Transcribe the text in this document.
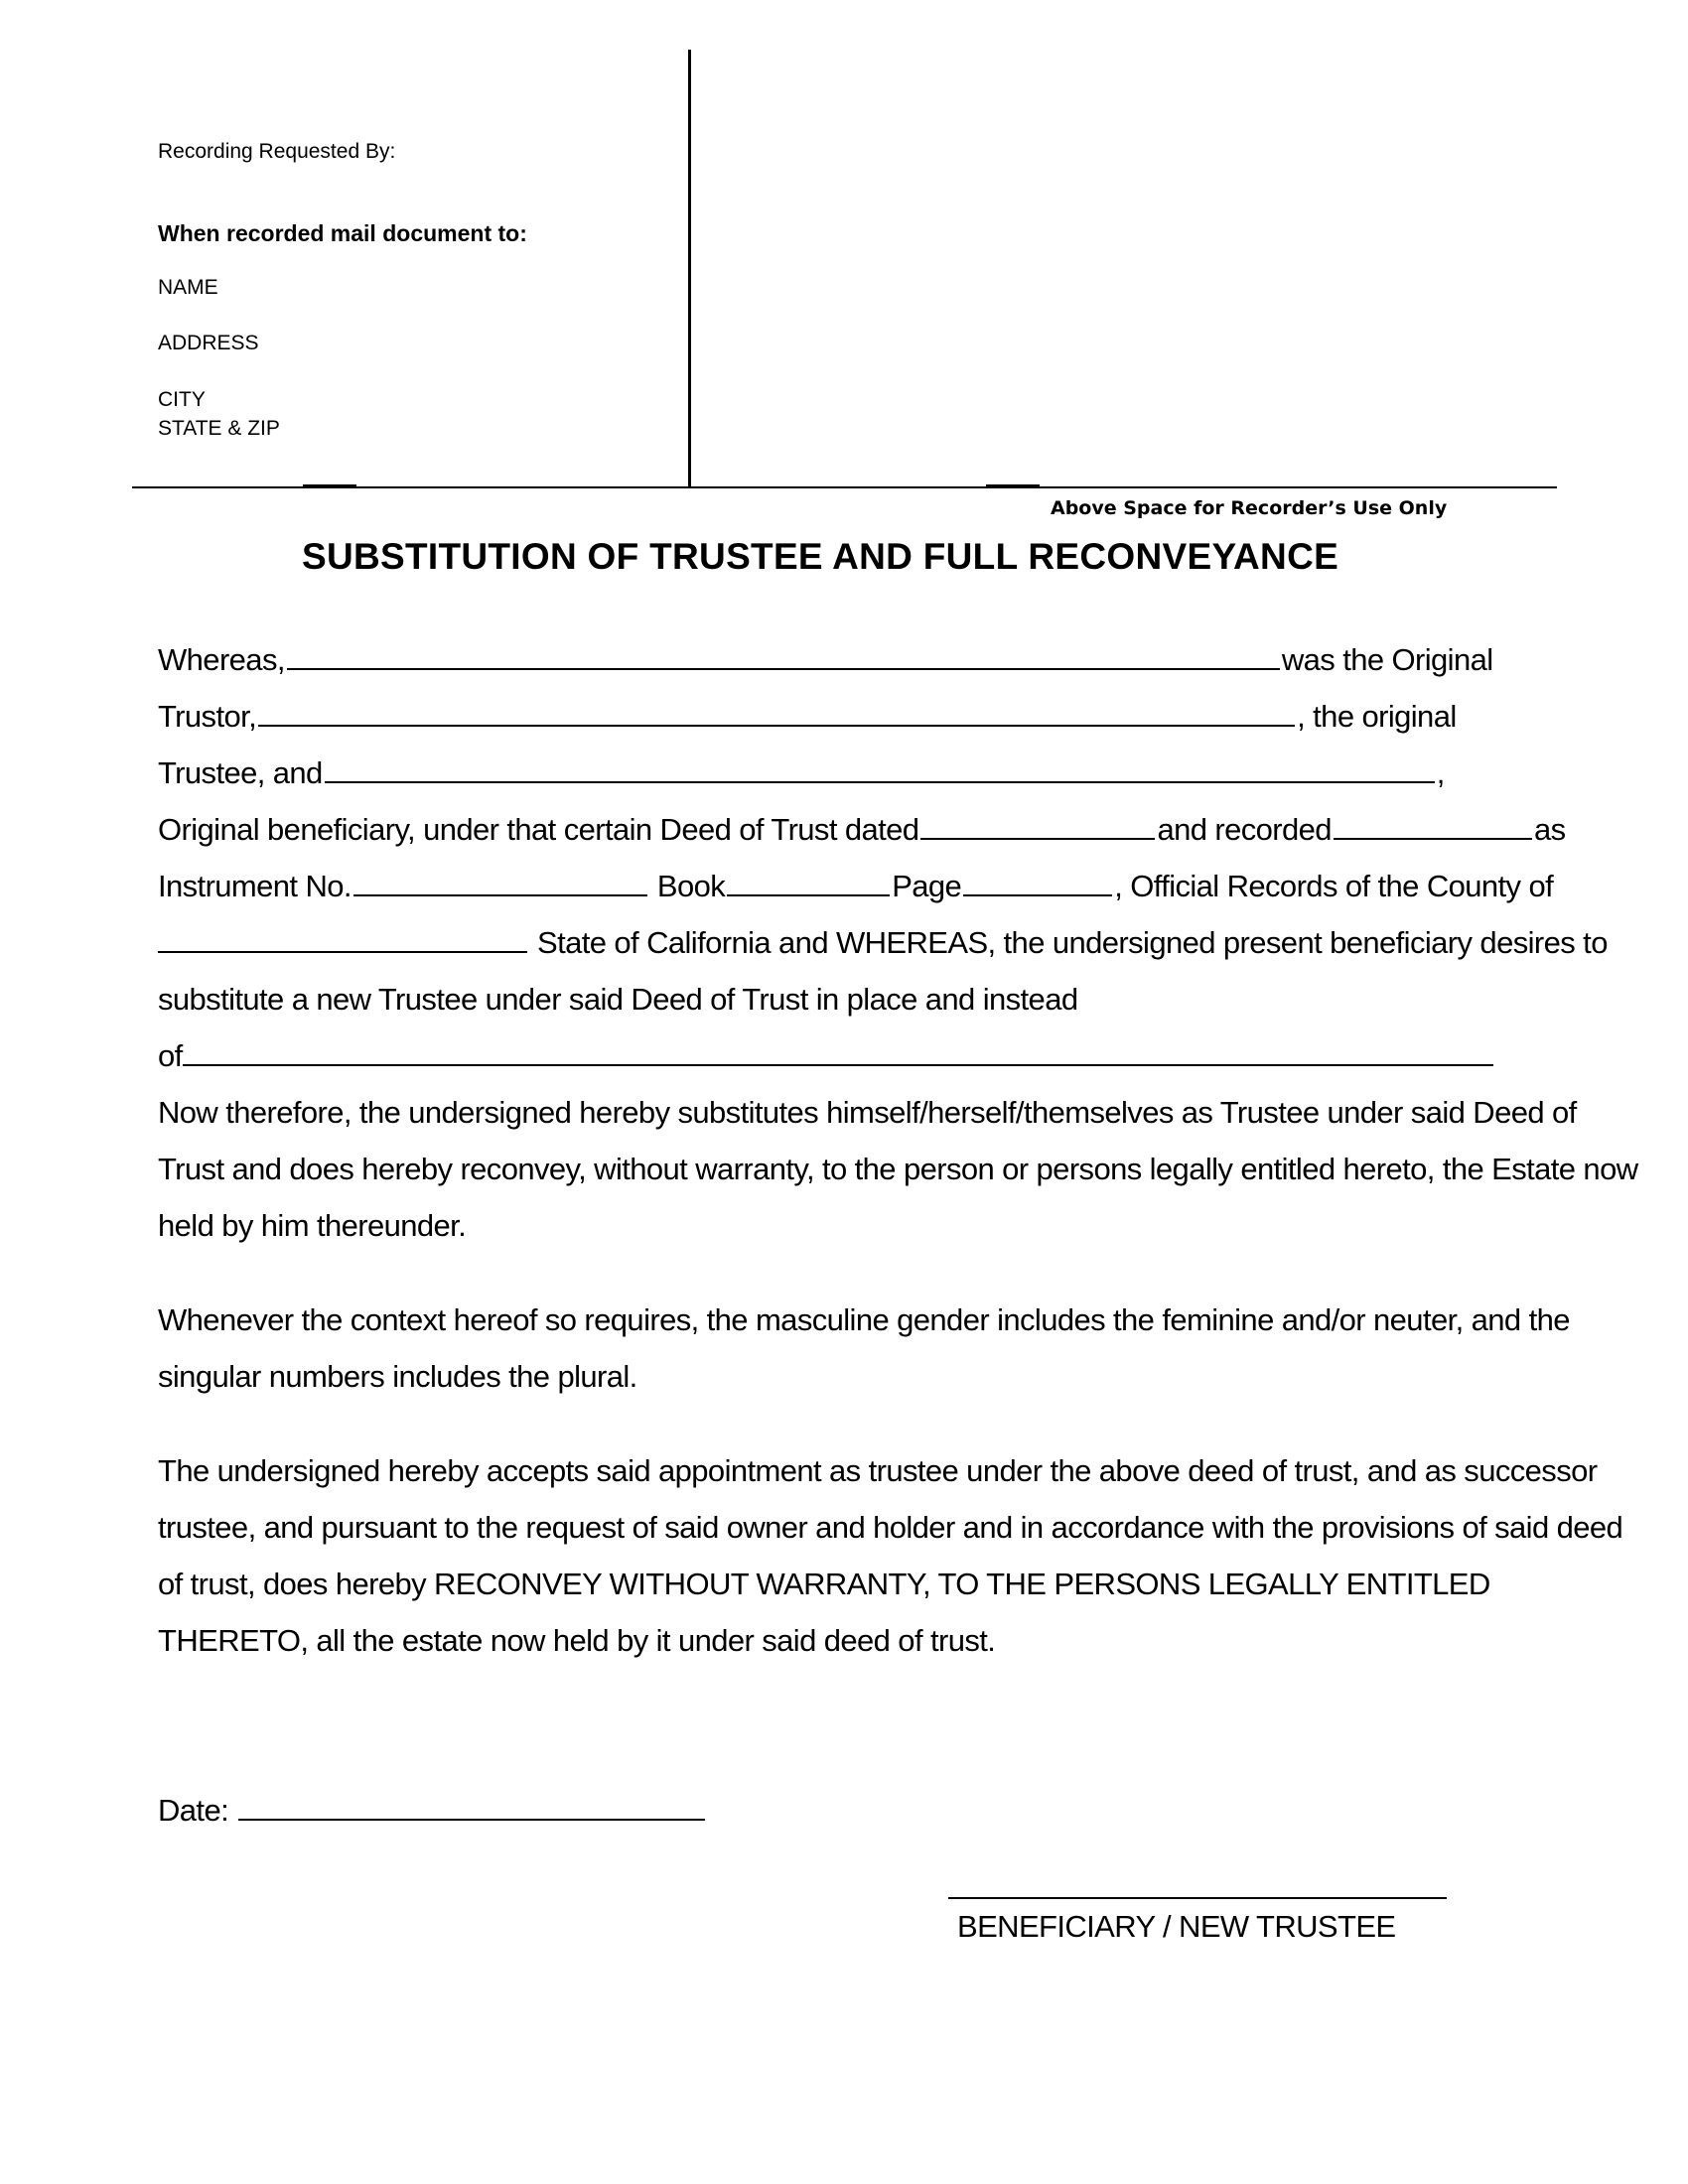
Recording Requested By:
When recorded mail document to:
NAME
ADDRESS
CITY
STATE & ZIP
Above Space for Recorder’s Use Only
SUBSTITUTION OF TRUSTEE AND FULL RECONVEYANCE
Whereas,	was the Original
Trustor,	, the original
Trustee, and	,
Original beneficiary, under that certain Deed of Trust dated	and recorded	as
Instrument No.	Book	Page	, Official Records of the County of
State of California and WHEREAS, the undersigned present beneficiary desires to
substitute a new Trustee under said Deed of Trust in place and instead
of
Now therefore, the undersigned hereby substitutes himself/herself/themselves as Trustee under said Deed of
Trust and does hereby reconvey, without warranty, to the person or persons legally entitled hereto, the Estate now
held by him thereunder.
Whenever the context hereof so requires, the masculine gender includes the feminine and/or neuter, and the
singular numbers includes the plural.
The undersigned hereby accepts said appointment as trustee under the above deed of trust, and as successor
trustee, and pursuant to the request of said owner and holder and in accordance with the provisions of said deed
of trust, does hereby RECONVEY WITHOUT WARRANTY, TO THE PERSONS LEGALLY ENTITLED
THERETO, all the estate now held by it under said deed of trust.
Date:
BENEFICIARY / NEW TRUSTEE
